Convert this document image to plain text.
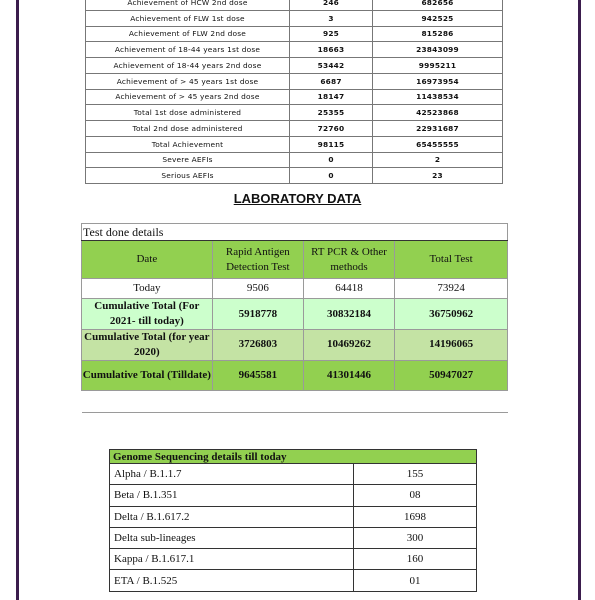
Achievement of HCW 2nd dose	246	682656
Achievement of FLW 1st dose	3	942525
Achievement of FLW 2nd dose	925	815286
Achievement of 18-44 years 1st dose	18663	23843099
Achievement of 18-44 years 2nd dose	53442	9995211
Achievement of > 45 years 1st dose	6687	16973954
Achievement of > 45 years 2nd dose	18147	11438534
Total 1st dose administered	25355	42523868
Total 2nd dose administered	72760	22931687
Total Achievement	98115	65455555
Severe AEFIs	0	2
Serious AEFIs	0	23
LABORATORY DATA
Test done details			
Date	Rapid Antigen Detection Test	RT PCR & Other methods	Total Test
Today	9506	64418	73924
Cumulative Total (For 2021- till today)	5918778	30832184	36750962
Cumulative Total (for year 2020)	3726803	10469262	14196065
Cumulative Total (Tilldate)	9645581	41301446	50947027

Genome Sequencing details till today	
Alpha / B.1.1.7	155
Beta / B.1.351	08
Delta / B.1.617.2	1698
Delta sub-lineages	300
Kappa / B.1.617.1	160
ETA / B.1.525	01
